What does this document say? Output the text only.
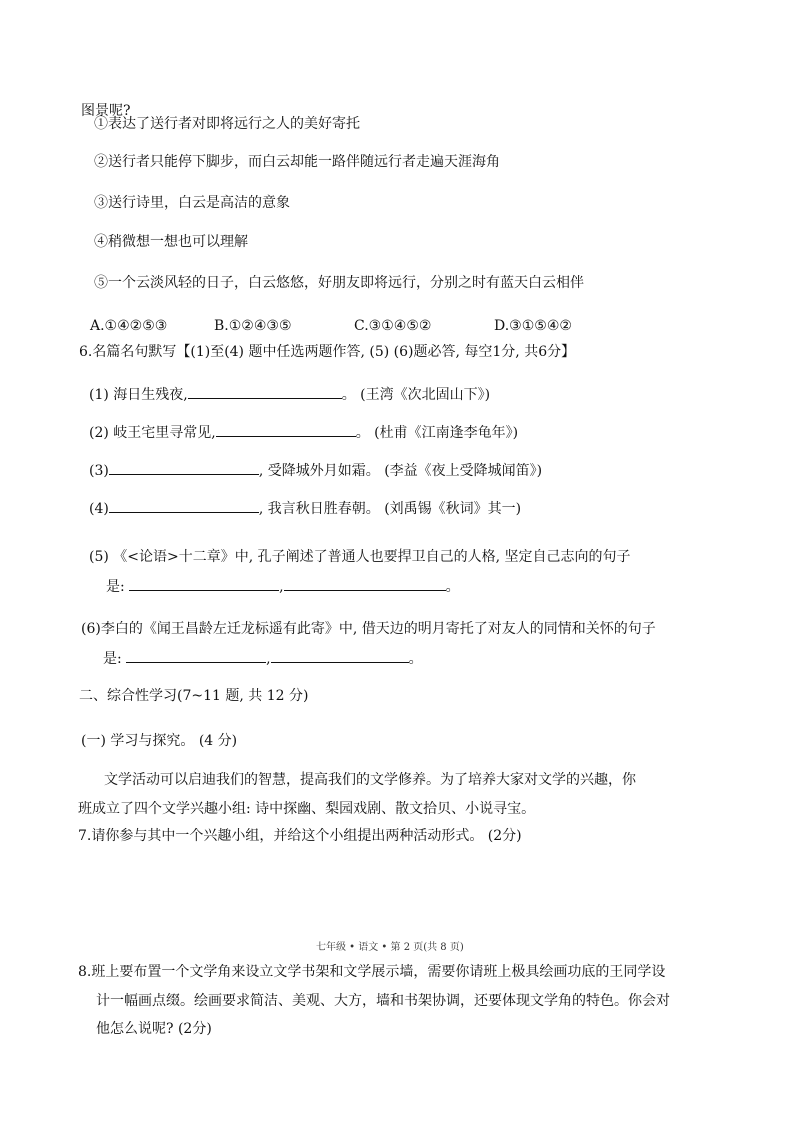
图景呢?
①表达了送行者对即将远行之人的美好寄托
②送行者只能停下脚步，而白云却能一路伴随远行者走遍天涯海角
③送行诗里，白云是高洁的意象
④稍微想一想也可以理解
⑤一个云淡风轻的日子，白云悠悠，好朋友即将远行，分别之时有蓝天白云相伴
A.①④②⑤③	B.①②④③⑤	C.③①④⑤②	D.③①⑤④②
6.名篇名句默写【(1)至(4) 题中任选两题作答, (5) (6)题必答, 每空1分, 共6分】
(1) 海日生残夜,	。 (王湾《次北固山下》)
(2) 岐王宅里寻常见,	。 (杜甫《江南逢李龟年》)
(3)	, 受降城外月如霜。 (李益《夜上受降城闻笛》)
(4)	, 我言秋日胜春朝。 (刘禹锡《秋词》其一)
(5) 《<论语>十二章》中, 孔子阐述了普通人也要捍卫自己的人格, 坚定自己志向的句子
是:	,	。
(6)李白的《闻王昌龄左迁龙标遥有此寄》中, 借天边的明月寄托了对友人的同情和关怀的句子
是:	,	。
二、综合性学习(7~11 题, 共 12 分)
(一) 学习与探究。 (4 分)
文学活动可以启迪我们的智慧，提高我们的文学修养。为了培养大家对文学的兴趣，你
班成立了四个文学兴趣小组: 诗中探幽、梨园戏剧、散文拾贝、小说寻宝。
7.请你参与其中一个兴趣小组，并给这个小组提出两种活动形式。 (2分)
七年级 • 语文 • 第 2 页(共 8 页)
8.班上要布置一个文学角来设立文学书架和文学展示墙，需要你请班上极具绘画功底的王同学设
计一幅画点缀。绘画要求简洁、美观、大方，墙和书架协调，还要体现文学角的特色。你会对
他怎么说呢? (2分)
